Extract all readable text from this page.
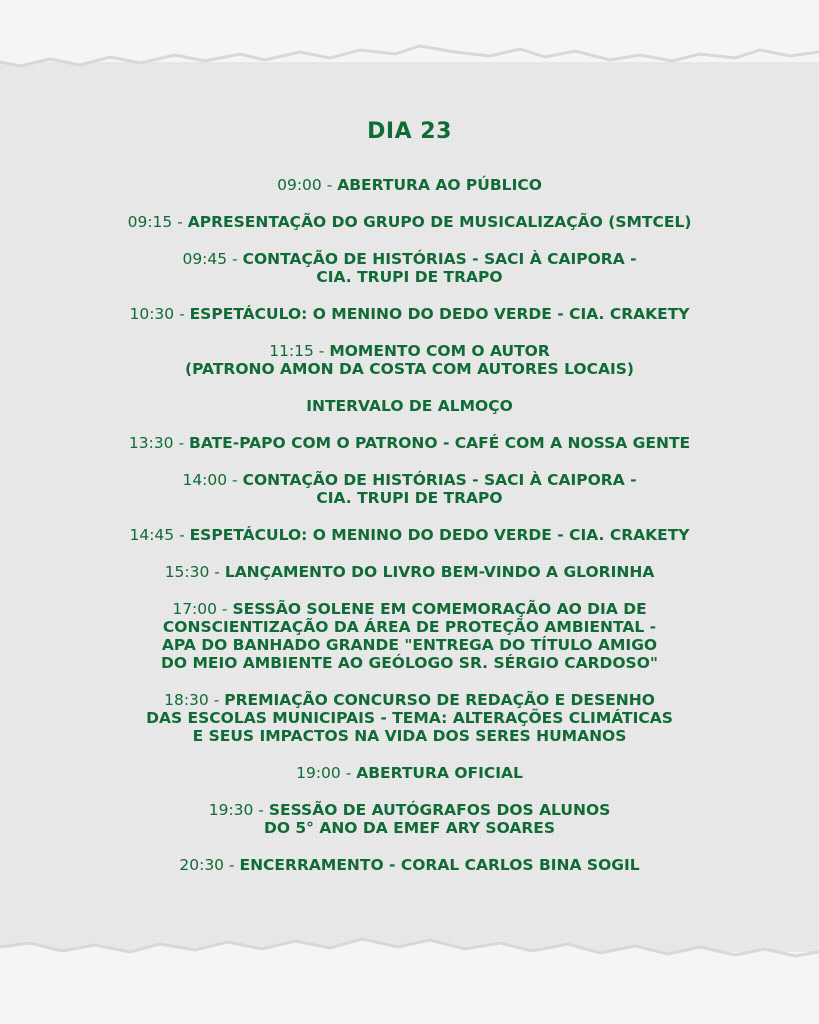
DIA 23
09:00 - ABERTURA AO PÚBLICO
09:15 - APRESENTAÇÃO DO GRUPO DE MUSICALIZAÇÃO (SMTCEL)
09:45 - CONTAÇÃO DE HISTÓRIAS - SACI À CAIPORA -
CIA. TRUPI DE TRAPO
10:30 - ESPETÁCULO: O MENINO DO DEDO VERDE - CIA. CRAKETY
11:15 - MOMENTO COM O AUTOR
(PATRONO AMON DA COSTA COM AUTORES LOCAIS)
INTERVALO DE ALMOÇO
13:30 - BATE-PAPO COM O PATRONO - CAFÉ COM A NOSSA GENTE
14:00 - CONTAÇÃO DE HISTÓRIAS - SACI À CAIPORA -
CIA. TRUPI DE TRAPO
14:45 - ESPETÁCULO: O MENINO DO DEDO VERDE - CIA. CRAKETY
15:30 - LANÇAMENTO DO LIVRO BEM-VINDO A GLORINHA
17:00 - SESSÃO SOLENE EM COMEMORAÇÃO AO DIA DE
CONSCIENTIZAÇÃO DA ÁREA DE PROTEÇÃO AMBIENTAL -
APA DO BANHADO GRANDE "ENTREGA DO TÍTULO AMIGO
DO MEIO AMBIENTE AO GEÓLOGO SR. SÉRGIO CARDOSO"
18:30 - PREMIAÇÃO CONCURSO DE REDAÇÃO E DESENHO
DAS ESCOLAS MUNICIPAIS - TEMA: ALTERAÇÕES CLIMÁTICAS
E SEUS IMPACTOS NA VIDA DOS SERES HUMANOS
19:00 - ABERTURA OFICIAL
19:30 - SESSÃO DE AUTÓGRAFOS DOS ALUNOS
DO 5° ANO DA EMEF ARY SOARES
20:30 - ENCERRAMENTO - CORAL CARLOS BINA SOGIL
